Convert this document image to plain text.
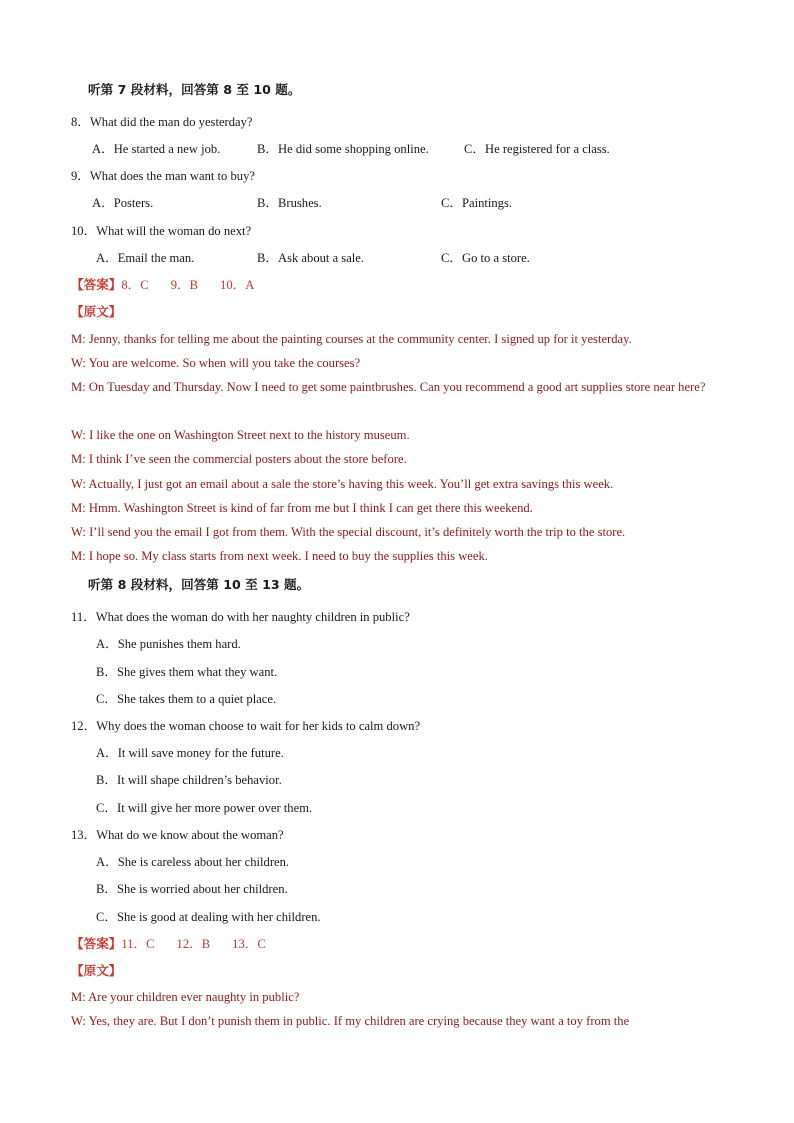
听第 7 段材料，回答第 8 至 10 题。
8．What did the man do yesterday?
A．He started a new job.	B．He did some shopping online.	C．He registered for a class.
9．What does the man want to buy?
A．Posters.	B．Brushes.	C．Paintings.
10．What will the woman do next?
A．Email the man.	B．Ask about a sale.	C．Go to a store.
【答案】8．C       9．B       10．A
【原文】
M: Jenny, thanks for telling me about the painting courses at the community center. I signed up for it yesterday.
W: You are welcome. So when will you take the courses?
M: On Tuesday and Thursday. Now I need to get some paintbrushes. Can you recommend a good art supplies store near here?
W: I like the one on Washington Street next to the history museum.
M: I think I’ve seen the commercial posters about the store before.
W: Actually, I just got an email about a sale the store’s having this week. You’ll get extra savings this week.
M: Hmm. Washington Street is kind of far from me but I think I can get there this weekend.
W: I’ll send you the email I got from them. With the special discount, it’s definitely worth the trip to the store.
M: I hope so. My class starts from next week. I need to buy the supplies this week.
听第 8 段材料，回答第 10 至 13 题。
11．What does the woman do with her naughty children in public?
A．She punishes them hard.
B．She gives them what they want.
C．She takes them to a quiet place.
12．Why does the woman choose to wait for her kids to calm down?
A．It will save money for the future.
B．It will shape children’s behavior.
C．It will give her more power over them.
13．What do we know about the woman?
A．She is careless about her children.
B．She is worried about her children.
C．She is good at dealing with her children.
【答案】11．C       12．B       13．C
【原文】
M: Are your children ever naughty in public?
W: Yes, they are. But I don’t punish them in public. If my children are crying because they want a toy from the
